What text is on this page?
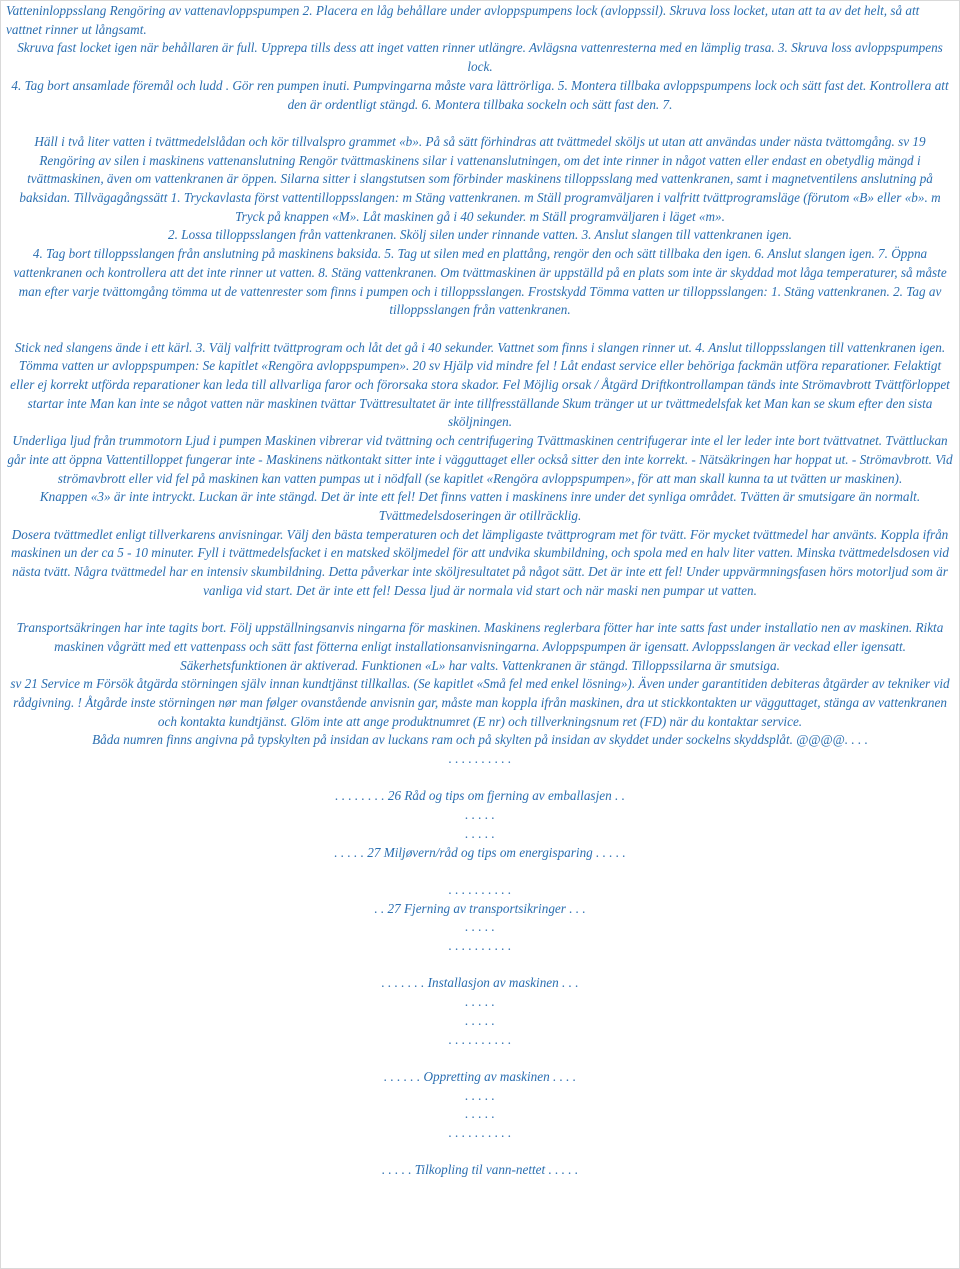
Vatteninloppsslang Rengöring av vattenavloppspumpen 2. Placera en låg behållare under avloppspumpens lock (avloppssil). Skruva loss locket, utan att ta av det helt, så att vattnet rinner ut långsamt.

Skruva fast locket igen när behållaren är full. Upprepa tills dess att inget vatten rinner utlängre. Avlägsna vattenresterna med en lämplig trasa. 3. Skruva loss avloppspumpens lock.

4. Tag bort ansamlade föremål och ludd . Gör ren pumpen inuti. Pumpvingarna måste vara lättrörliga. 5. Montera tillbaka avloppspumpens lock och sätt fast det. Kontrollera att den är ordentligt stängd. 6. Montera tillbaka sockeln och sätt fast den. 7.

Häll i två liter vatten i tvättmedelslådan och kör tillvalspro grammet «b». På så sätt förhindras att tvättmedel sköljs ut utan att användas under nästa tvättomgång. sv 19 Rengöring av silen i maskinens vattenanslutning Rengör tvättmaskinens silar i vattenanslutningen, om det inte rinner in något vatten eller endast en obetydlig mängd i tvättmaskinen, även om vattenkranen är öppen. Silarna sitter i slangstutsen som förbinder maskinens tilloppsslang med vattenkranen, samt i magnetventilens anslutning på baksidan. Tillvägagångssätt 1. Tryckavlasta först vattentilloppsslangen: m Stäng vattenkranen. m Ställ programväljaren i valfritt tvättprogramsläge (förutom «B» eller «b». m Tryck på knappen «M». Låt maskinen gå i 40 sekunder. m Ställ programväljaren i läget «m».

2. Lossa tilloppsslangen från vattenkranen. Skölj silen under rinnande vatten. 3. Anslut slangen till vattenkranen igen.

4. Tag bort tilloppsslangen från anslutning på maskinens baksida. 5. Tag ut silen med en plattång, rengör den och sätt tillbaka den igen. 6. Anslut slangen igen. 7. Öppna vattenkranen och kontrollera att det inte rinner ut vatten. 8. Stäng vattenkranen. Om tvättmaskinen är uppställd på en plats som inte är skyddad mot låga temperaturer, så måste man efter varje tvättomgång tömma ut de vattenrester som finns i pumpen och i tilloppsslangen. Frostskydd Tömma vatten ur tilloppsslangen: 1. Stäng vattenkranen. 2. Tag av tilloppsslangen från vattenkranen.

Stick ned slangens ände i ett kärl. 3. Välj valfritt tvättprogram och låt det gå i 40 sekunder. Vattnet som finns i slangen rinner ut. 4. Anslut tilloppsslangen till vattenkranen igen. Tömma vatten ur avloppspumpen: Se kapitlet «Rengöra avloppspumpen». 20 sv Hjälp vid mindre fel ! Låt endast service eller behöriga fackmän utföra reparationer. Felaktigt eller ej korrekt utförda reparationer kan leda till allvarliga faror och förorsaka stora skador. Fel Möjlig orsak / Åtgärd Driftkontrollampan tänds inte Strömavbrott Tvättförloppet startar inte Man kan inte se något vatten när maskinen tvättar Tvättresultatet är inte tillfresställande Skum tränger ut ur tvättmedelsfak ket Man kan se skum efter den sista sköljningen.

Underliga ljud från trummotorn Ljud i pumpen Maskinen vibrerar vid tvättning och centrifugering Tvättmaskinen centrifugerar inte el ler leder inte bort tvättvatnet. Tvättluckan går inte att öppna Vattentilloppet fungerar inte - Maskinens nätkontakt sitter inte i vägguttaget eller också sitter den inte korrekt. - Nätsäkringen har hoppat ut. - Strömavbrott. Vid strömavbrott eller vid fel på maskinen kan vatten pumpas ut i nödfall (se kapitlet «Rengöra avloppspumpen», för att man skall kunna ta ut tvätten ur maskinen).

Knappen «3» är inte intryckt. Luckan är inte stängd. Det är inte ett fel! Det finns vatten i maskinens inre under det synliga området. Tvätten är smutsigare än normalt. Tvättmedelsdoseringen är otillräcklig.

Dosera tvättmedlet enligt tillverkarens anvisningar. Välj den bästa temperaturen och det lämpligaste tvättprogram met för tvätt. För mycket tvättmedel har använts. Koppla ifrån maskinen un der ca 5 - 10 minuter. Fyll i tvättmedelsfacket i en matsked sköljmedel för att undvika skumbildning, och spola med en halv liter vatten. Minska tvättmedelsdosen vid nästa tvätt. Några tvättmedel har en intensiv skumbildning. Detta påverkar inte sköljresultatet på något sätt. Det är inte ett fel! Under uppvärmningsfasen hörs motorljud som är vanliga vid start. Det är inte ett fel! Dessa ljud är normala vid start och när maski nen pumpar ut vatten.

Transportsäkringen har inte tagits bort. Följ uppställningsanvis ningarna för maskinen. Maskinens reglerbara fötter har inte satts fast under installatio nen av maskinen. Rikta maskinen vågrätt med ett vattenpass och sätt fast fötterna enligt installationsanvisningarna. Avloppspumpen är igensatt. Avloppsslangen är veckad eller igensatt. Säkerhetsfunktionen är aktiverad. Funktionen «L» har valts. Vattenkranen är stängd. Tilloppssilarna är smutsiga.

sv 21 Service m Försök åtgärda störningen själv innan kundtjänst tillkallas. (Se kapitlet «Små fel med enkel lösning»). Även under garantitiden debiteras åtgärder av tekniker vid rådgivning. ! Åtgårde inste störningen nør man følger ovanstående anvisnin gar, måste man koppla ifrån maskinen, dra ut stickkontakten ur vägguttaget, stänga av vattenkranen och kontakta kundtjänst. Glöm inte att ange produktnumret (E nr) och tillverkningsnum ret (FD) när du kontaktar service.

Båda numren finns angivna på typskylten på insidan av luckans ram och på skylten på insidan av skyddet under sockelns skyddsplåt. @@@@. . . .

. . . . . . . . . .
. . . . . . . . 26 Råd og tips om fjerning av emballasjen . .
. . . . .
. . . . .
. . . . . 27 Miljøvern/råd og tips om energisparing . . . . .
. . . . . . . . . .
. . 27 Fjerning av transportsikringer . . .
. . . . .
. . . . . . . . . .
. . . . . . . Installasjon av maskinen . . .
. . . . .
. . . . .
. . . . . . . . . .
. . . . . . Oppretting av maskinen . . . .
. . . . .
. . . . .
. . . . . . . . . .
. . . . . Tilkopling til vann-nettet . . . . .
